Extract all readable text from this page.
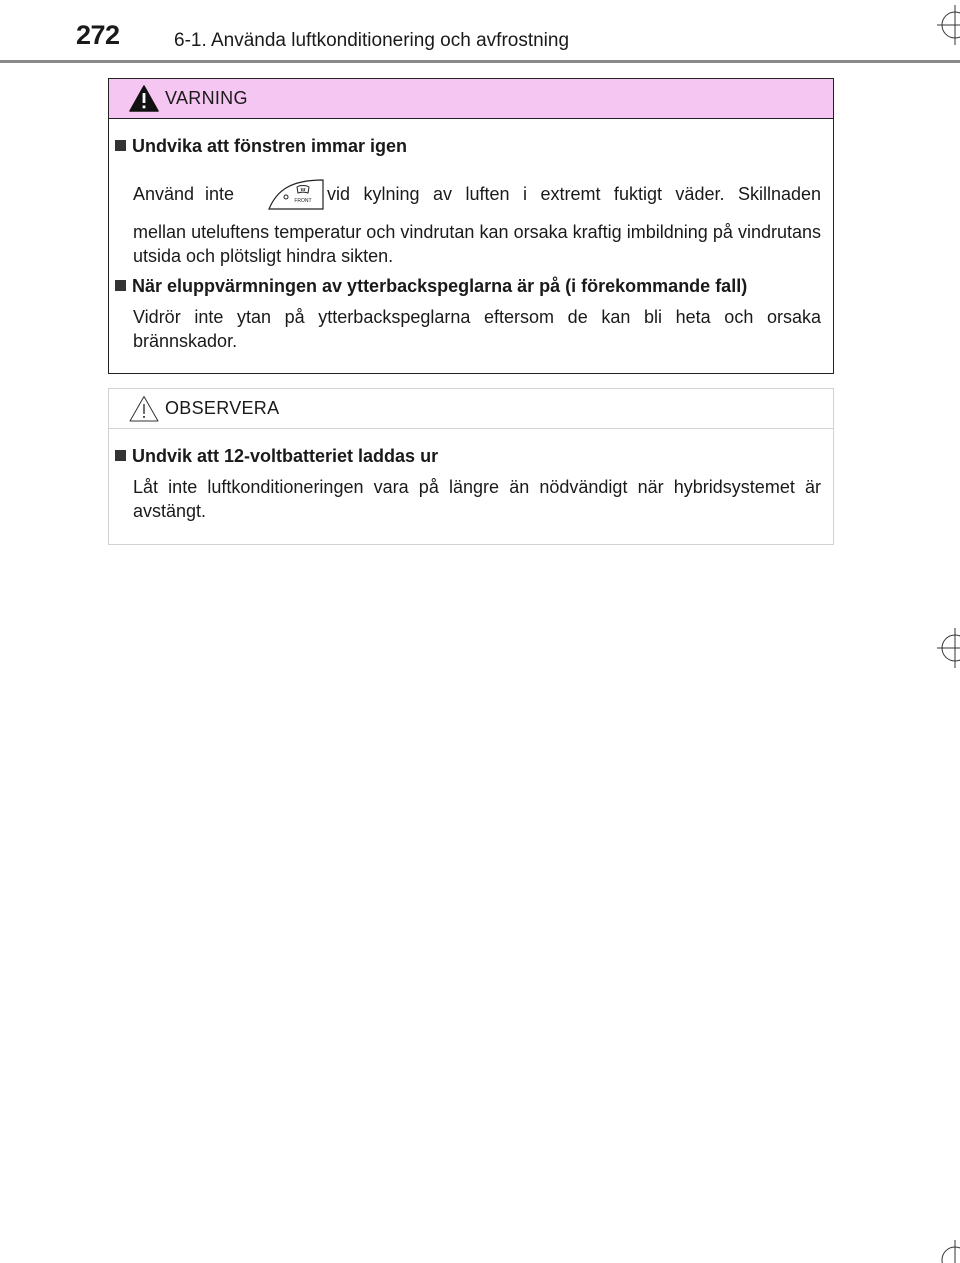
272	6-1. Använda luftkonditionering och avfrostning
VARNING
Undvika att fönstren immar igen
Använd inte	FRONT vid kylning av luften i extremt fuktigt väder. Skillnaden
mellan uteluftens temperatur och vindrutan kan orsaka kraftig imbildning på vindrutans utsida och plötsligt hindra sikten.
När eluppvärmningen av ytterbackspeglarna är på (i förekommande fall)
Vidrör inte ytan på ytterbackspeglarna eftersom de kan bli heta och orsaka brännskador.
OBSERVERA
Undvik att 12-voltbatteriet laddas ur
Låt inte luftkonditioneringen vara på längre än nödvändigt när hybridsystemet är avstängt.
